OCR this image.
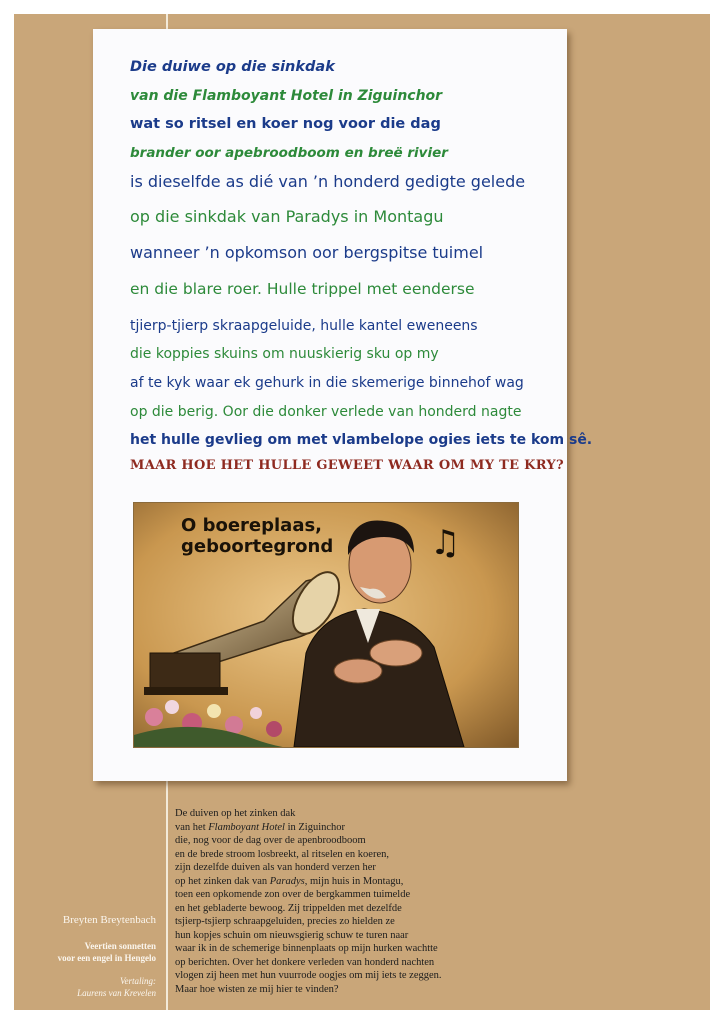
Die duiwe op die sinkdak
van die Flamboyant Hotel in Ziguinchor
wat so ritsel en koer nog voor die dag
brander oor apebroodboom en breë rivier
is dieselfde as dié van ’n honderd gedigte gelede
op die sinkdak van Paradys in Montagu
wanneer ’n opkomson oor bergspitse tuimel
en die blare roer. Hulle trippel met eenderse
tjierp-tjierp skraapgeluide, hulle kantel eweneens
die koppies skuins om nuuskierig sku op my
af te kyk waar ek gehurk in die skemerige binnehof wag
op die berig. Oor die donker verlede van honderd nagte
het hulle gevlieg om met vlambelope ogies iets te kom sê.
MAAR HOE HET HULLE GEWEET WAAR OM MY TE KRY?
O boereplaas,
geboortegrond	♫
De duiven op het zinken dak
van het Flamboyant Hotel in Ziguinchor
die, nog voor de dag over de apenbroodboom
en de brede stroom losbreekt, al ritselen en koeren,
zijn dezelfde duiven als van honderd verzen her
op het zinken dak van Paradys, mijn huis in Montagu,
toen een opkomende zon over de bergkammen tuimelde
en het gebladerte bewoog. Zij trippelden met dezelfde
tsjierp-tsjierp schraapgeluiden, precies zo hielden ze
hun kopjes schuin om nieuwsgierig schuw te turen naar
waar ik in de schemerige binnenplaats op mijn hurken wachtte
op berichten. Over het donkere verleden van honderd nachten
vlogen zij heen met hun vuurrode oogjes om mij iets te zeggen.
Maar hoe wisten ze mij hier te vinden?
Breyten Breytenbach
Veertien sonnetten
voor een engel in Hengelo
Vertaling:
Laurens van Krevelen
